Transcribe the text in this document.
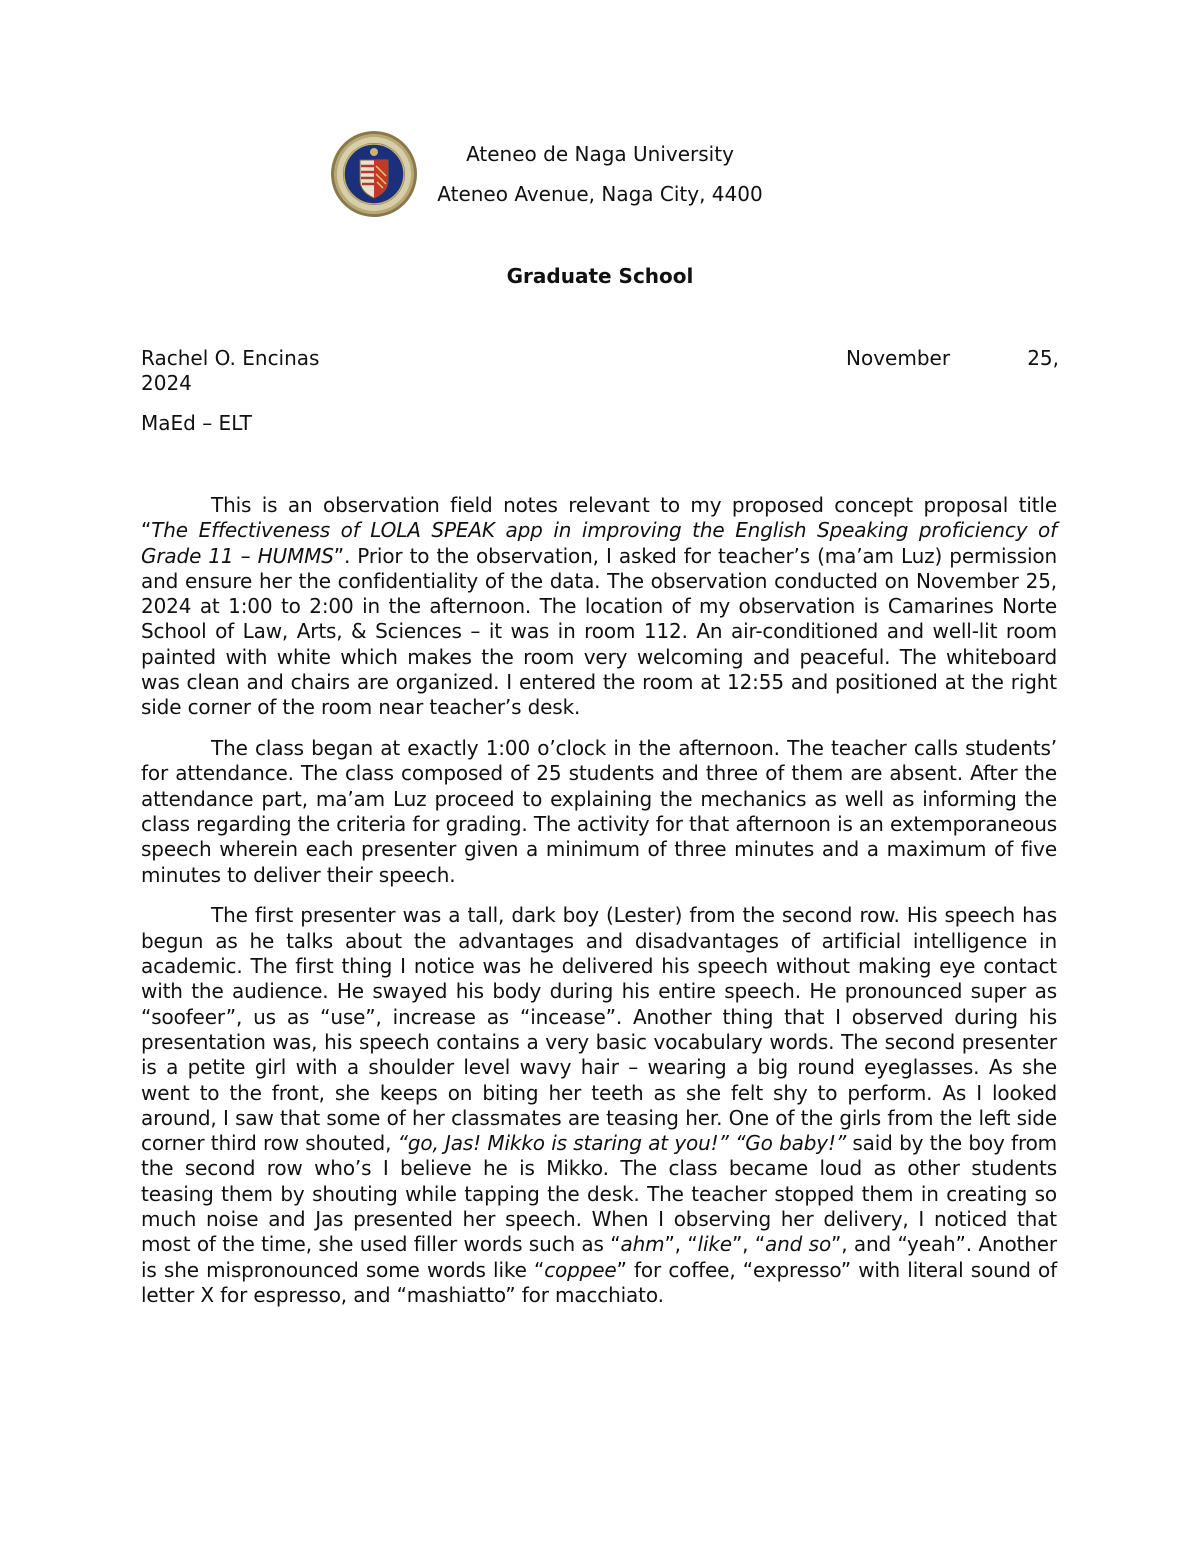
Ateneo de Naga University
Ateneo Avenue, Naga City, 4400
Graduate School
Rachel O. Encinas	November	25,
2024
MaEd – ELT

This is an observation field notes relevant to my proposed concept proposal title “The Effectiveness of LOLA SPEAK app in improving the English Speaking proficiency of Grade 11 – HUMMS”. Prior to the observation, I asked for teacher’s (ma’am Luz) permission and ensure her the confidentiality of the data. The observation conducted on November 25, 2024 at 1:00 to 2:00 in the afternoon. The location of my observation is Camarines Norte School of Law, Arts, & Sciences – it was in room 112. An air-conditioned and well-lit room painted with white which makes the room very welcoming and peaceful. The whiteboard was clean and chairs are organized. I entered the room at 12:55 and positioned at the right side corner of the room near teacher’s desk.

The class began at exactly 1:00 o’clock in the afternoon. The teacher calls students’ for attendance. The class composed of 25 students and three of them are absent. After the attendance part, ma’am Luz proceed to explaining the mechanics as well as informing the class regarding the criteria for grading. The activity for that afternoon is an extemporaneous speech wherein each presenter given a minimum of three minutes and a maximum of five minutes to deliver their speech.

The first presenter was a tall, dark boy (Lester) from the second row. His speech has begun as he talks about the advantages and disadvantages of artificial intelligence in academic. The first thing I notice was he delivered his speech without making eye contact with the audience. He swayed his body during his entire speech. He pronounced super as “soofeer”, us as “use”, increase as “incease”. Another thing that I observed during his presentation was, his speech contains a very basic vocabulary words. The second presenter is a petite girl with a shoulder level wavy hair – wearing a big round eyeglasses. As she went to the front, she keeps on biting her teeth as she felt shy to perform. As I looked around, I saw that some of her classmates are teasing her. One of the girls from the left side corner third row shouted, “go, Jas! Mikko is staring at you!” “Go baby!” said by the boy from the second row who’s I believe he is Mikko. The class became loud as other students teasing them by shouting while tapping the desk. The teacher stopped them in creating so much noise and Jas presented her speech. When I observing her delivery, I noticed that most of the time, she used filler words such as “ahm”, “like”, “and so”, and “yeah”. Another is she mispronounced some words like “coppee” for coffee, “expresso” with literal sound of letter X for espresso, and “mashiatto” for macchiato.
